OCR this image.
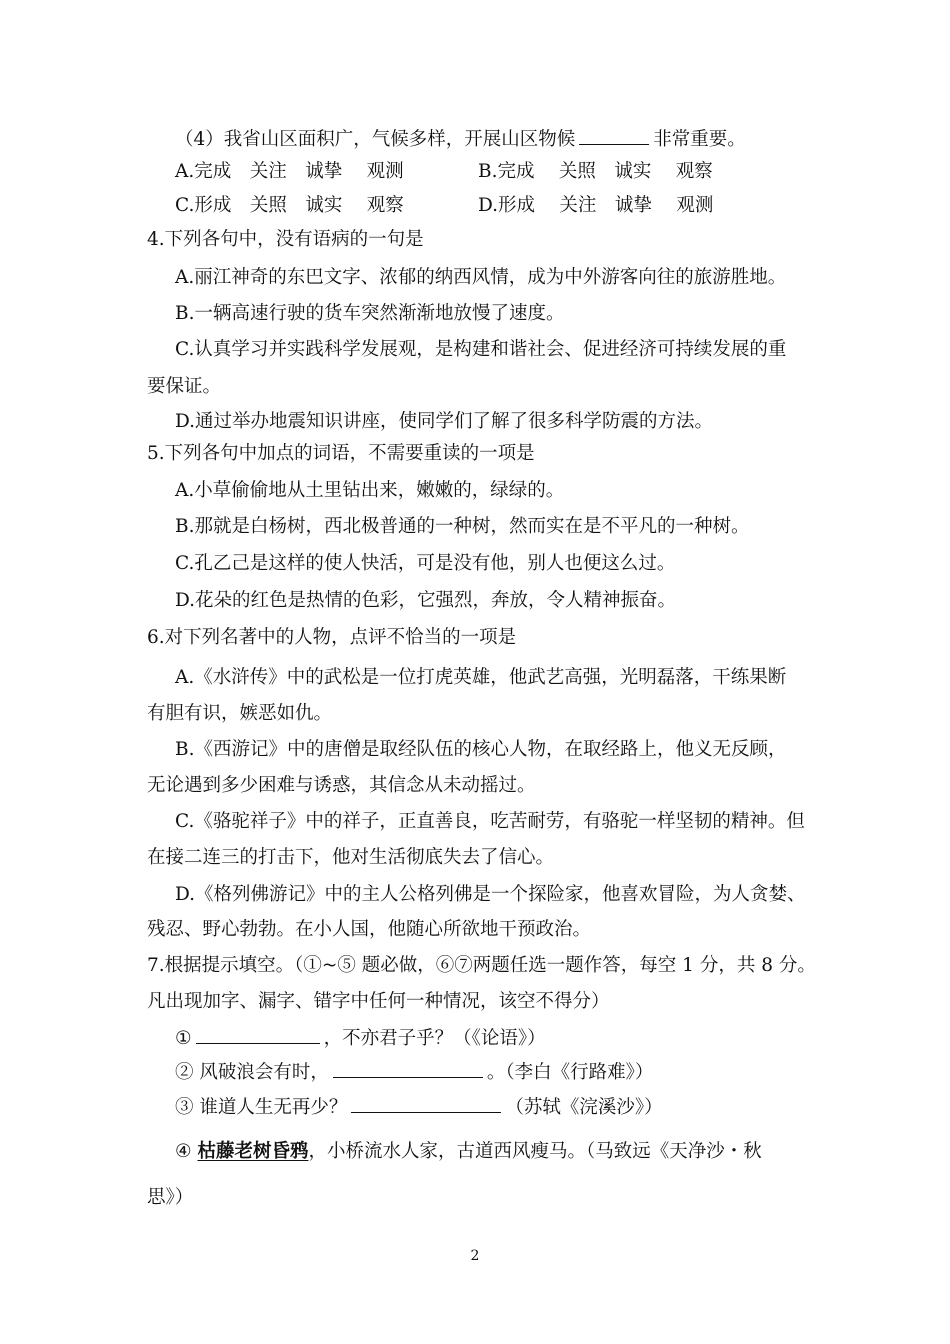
（4）我省山区面积广，气候多样，开展山区物候	非常重要。
A.完成　关注　诚挚　 观测	B.完成　 关照　诚实　 观察
C.形成　关照　诚实　 观察	D.形成　 关注　诚挚　 观测
4.下列各句中，没有语病的一句是
A.丽江神奇的东巴文字、浓郁的纳西风情，成为中外游客向往的旅游胜地。
B.一辆高速行驶的货车突然渐渐地放慢了速度。
C.认真学习并实践科学发展观，是构建和谐社会、促进经济可持续发展的重
要保证。
D.通过举办地震知识讲座，使同学们了解了很多科学防震的方法。
5.下列各句中加点的词语，不需要重读的一项是
A.小草偷偷地从土里钻出来，嫩嫩的，绿绿的。
B.那就是白杨树，西北极普通的一种树，然而实在是不平凡的一种树。
C.孔乙己是这样的使人快活，可是没有他，别人也便这么过。
D.花朵的红色是热情的色彩，它强烈，奔放，令人精神振奋。
6.对下列名著中的人物，点评不恰当的一项是
A.《水浒传》中的武松是一位打虎英雄，他武艺高强，光明磊落，干练果断
有胆有识，嫉恶如仇。
B.《西游记》中的唐僧是取经队伍的核心人物，在取经路上，他义无反顾，
无论遇到多少困难与诱惑，其信念从未动摇过。
C.《骆驼祥子》中的祥子，正直善良，吃苦耐劳，有骆驼一样坚韧的精神。但
在接二连三的打击下，他对生活彻底失去了信心。
D.《格列佛游记》中的主人公格列佛是一个探险家，他喜欢冒险，为人贪婪、
残忍、野心勃勃。在小人国，他随心所欲地干预政治。
7.根据提示填空。（①~⑤ 题必做，⑥⑦两题任选一题作答，每空 1 分，共 8 分。
凡出现加字、漏字、错字中任何一种情况，该空不得分）
①	，不亦君子乎？（《论语》）
② 风破浪会有时，	。（李白《行路难》）
③ 谁道人生无再少？	（苏轼《浣溪沙》）
④ 枯藤老树昏鸦，小桥流水人家，古道西风瘦马。（马致远《天净沙・秋
思》）
2
